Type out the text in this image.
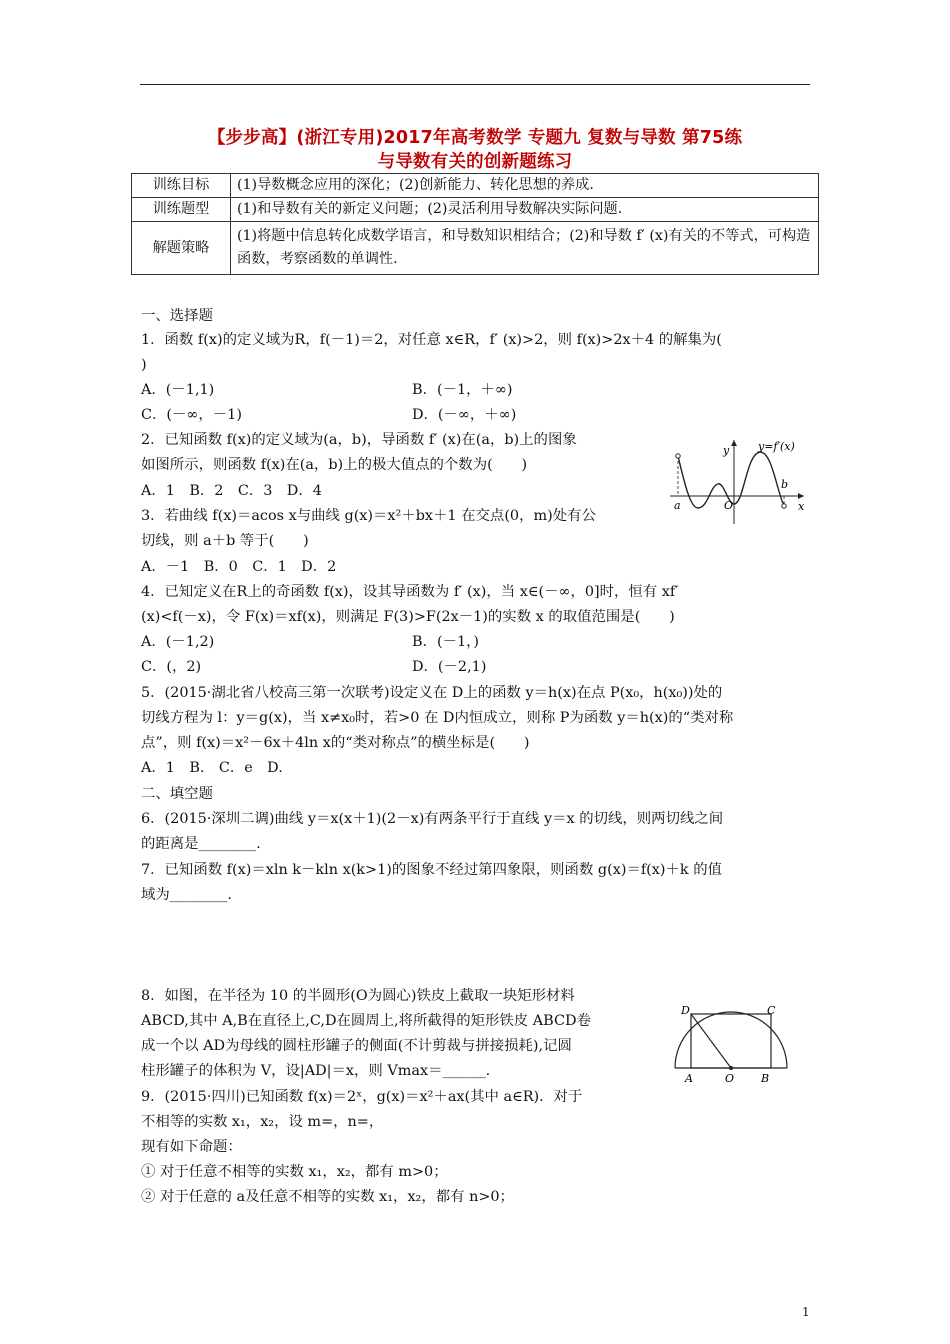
【步步高】(浙江专用)2017年高考数学 专题九 复数与导数 第75练
与导数有关的创新题练习
训练目标	(1)导数概念应用的深化；(2)创新能力、转化思想的养成.
训练题型	(1)和导数有关的新定义问题；(2)灵活利用导数解决实际问题.
解题策略	(1)将题中信息转化成数学语言，和导数知识相结合；(2)和导数 f′ (x)有关的不等式，可构造函数，考察函数的单调性.
一、选择题
1．函数 f(x)的定义域为R，f(－1)＝2，对任意 x∈R，f′ (x)>2，则 f(x)>2x＋4 的解集为(
)
A．(－1,1)	B．(－1，＋∞)
C．(－∞，－1)	D．(－∞，＋∞)
2．已知函数 f(x)的定义域为(a，b)，导函数 f′ (x)在(a，b)上的图象
如图所示，则函数 f(x)在(a，b)上的极大值点的个数为(　　)
A．1　B．2　C．3　D．4
y=f′(x)
y
x
a	O
b
3．若曲线 f(x)＝acos x与曲线 g(x)＝x²＋bx＋1 在交点(0，m)处有公
切线，则 a＋b 等于(　　)
A．－1　B．0　C．1　D．2
4．已知定义在R上的奇函数 f(x)，设其导函数为 f′ (x)，当 x∈(－∞，0]时，恒有 xf′
(x)<f(－x)，令 F(x)＝xf(x)，则满足 F(3)>F(2x－1)的实数 x 的取值范围是(　　)
A．(－1,2)	B．(－1，)
C．(，2)	D．(－2,1)
5．(2015·湖北省八校高三第一次联考)设定义在 D上的函数 y＝h(x)在点 P(x₀，h(x₀))处的
切线方程为 l：y＝g(x)，当 x≠x₀时，若>0 在 D内恒成立，则称 P为函数 y＝h(x)的“类对称
点”，则 f(x)＝x²－6x＋4ln x的“类对称点”的横坐标是(　　)
A．1　B.　C．e　D.
二、填空题
6．(2015·深圳二调)曲线 y＝x(x＋1)(2－x)有两条平行于直线 y＝x 的切线，则两切线之间
的距离是________.
7．已知函数 f(x)＝xln k－kln x(k>1)的图象不经过第四象限，则函数 g(x)＝f(x)＋k 的值
域为________.
8．如图，在半径为 10 的半圆形(O为圆心)铁皮上截取一块矩形材料
ABCD,其中 A,B在直径上,C,D在圆周上,将所截得的矩形铁皮 ABCD卷
成一个以 AD为母线的圆柱形罐子的侧面(不计剪裁与拼接损耗),记圆
柱形罐子的体积为 V，设|AD|＝x，则 Vmax＝______.
D	C
A	O B
9．(2015·四川)已知函数 f(x)＝2ˣ，g(x)＝x²＋ax(其中 a∈R)．对于
不相等的实数 x₁，x₂，设 m=，n=，
现有如下命题：
① 对于任意不相等的实数 x₁，x₂，都有 m>0；
② 对于任意的 a及任意不相等的实数 x₁，x₂，都有 n>0；
1
